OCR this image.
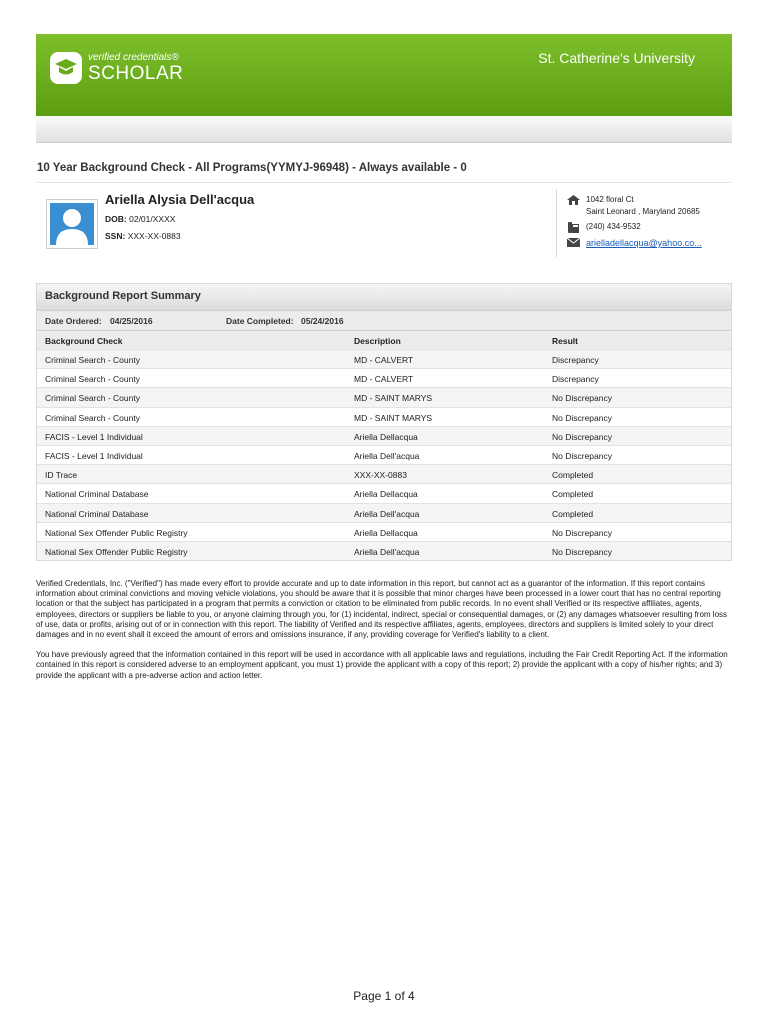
verified credentials®
SCHOLAR
St. Catherine's University
10 Year Background Check - All Programs(YYMYJ-96948) - Always available - 0
Ariella Alysia Dell'acqua
DOB: 02/01/XXXX
SSN: XXX-XX-0883
1042 floral Ct
Saint Leonard , Maryland 20685
(240) 434-9532
arielladellacqua@yahoo.co...
Background Report Summary
Date Ordered: 04/25/2016	Date Completed: 05/24/2016
Background Check	Description	Result
Criminal Search - County	MD - CALVERT	Discrepancy
Criminal Search - County	MD - CALVERT	Discrepancy
Criminal Search - County	MD - SAINT MARYS	No Discrepancy
Criminal Search - County	MD - SAINT MARYS	No Discrepancy
FACIS - Level 1 Individual	Ariella Dellacqua	No Discrepancy
FACIS - Level 1 Individual	Ariella Dell'acqua	No Discrepancy
ID Trace	XXX-XX-0883	Completed
National Criminal Database	Ariella Dellacqua	Completed
National Criminal Database	Ariella Dell'acqua	Completed
National Sex Offender Public Registry	Ariella Dellacqua	No Discrepancy
National Sex Offender Public Registry	Ariella Dell'acqua	No Discrepancy

Verified Credentials, Inc. ("Verified") has made every effort to provide accurate and up to date information in this report, but cannot act as a guarantor of the information. If this report contains information about criminal convictions and moving vehicle violations, you should be aware that it is possible that minor charges have been processed in a lower court that has no central reporting location or that the subject has participated in a program that permits a conviction or citation to be eliminated from public records. In no event shall Verified or its respective affiliates, agents, employees, directors or suppliers be liable to you, or anyone claiming through you, for (1) incidental, indirect, special or consequential damages, or (2) any damages whatsoever resulting from loss of use, data or profits, arising out of or in connection with this report. The liability of Verified and its respective affiliates, agents, employees, directors and suppliers is limited solely to your direct damages and in no event shall it exceed the amount of errors and omissions insurance, if any, providing coverage for Verified's liability to a client.

You have previously agreed that the information contained in this report will be used in accordance with all applicable laws and regulations, including the Fair Credit Reporting Act. If the information contained in this report is considered adverse to an employment applicant, you must 1) provide the applicant with a copy of this report; 2) provide the applicant with a copy of his/her rights; and 3) provide the applicant with a pre-adverse action and action letter.

Page 1 of 4
